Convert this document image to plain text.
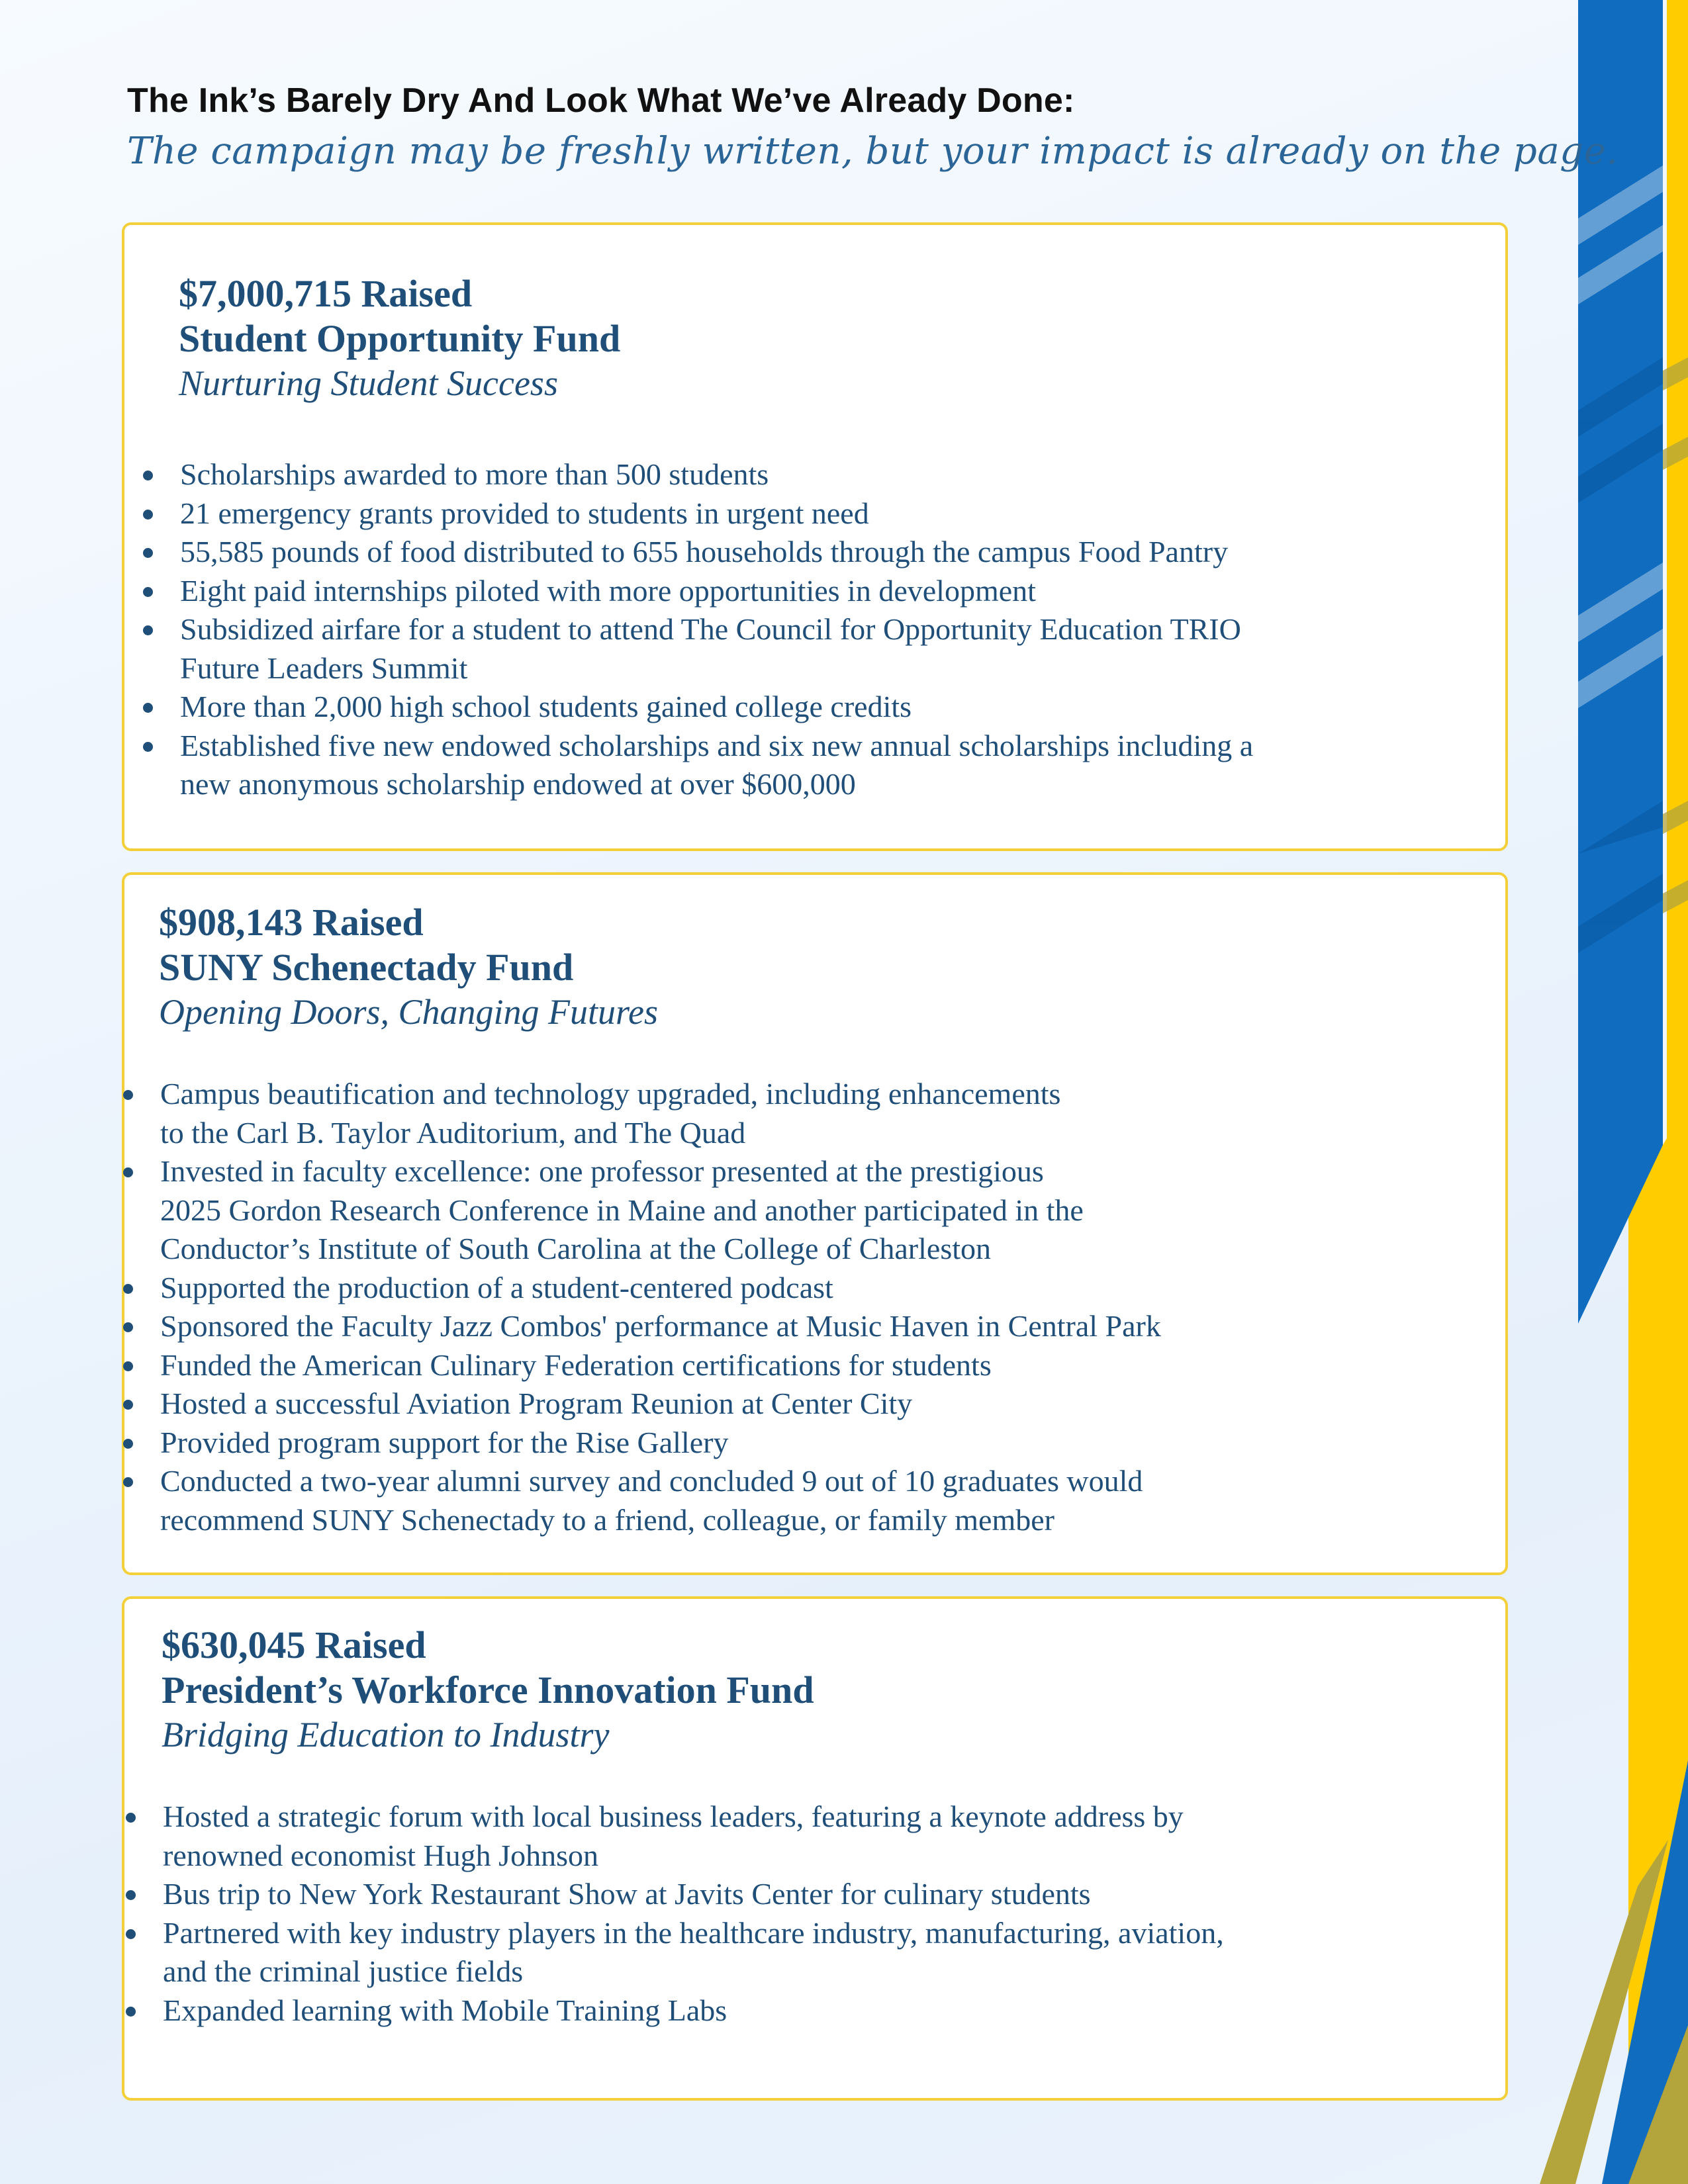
The Ink’s Barely Dry And Look What We’ve Already Done:
The campaign may be freshly written, but your impact is already on the page.
$7,000,715 Raised
Student Opportunity Fund
Nurturing Student Success
Scholarships awarded to more than 500 students
21 emergency grants provided to students in urgent need
55,585 pounds of food distributed to 655 households through the campus Food Pantry
Eight paid internships piloted with more opportunities in development
Subsidized airfare for a student to attend The Council for Opportunity Education TRIO
Future Leaders Summit
More than 2,000 high school students gained college credits
Established five new endowed scholarships and six new annual scholarships including a
new anonymous scholarship endowed at over $600,000
$908,143 Raised
SUNY Schenectady Fund
Opening Doors, Changing Futures
Campus beautification and technology upgraded, including enhancements
to the Carl B. Taylor Auditorium, and The Quad
Invested in faculty excellence: one professor presented at the prestigious
2025 Gordon Research Conference in Maine and another participated in the
Conductor’s Institute of South Carolina at the College of Charleston
Supported the production of a student-centered podcast
Sponsored the Faculty Jazz Combos' performance at Music Haven in Central Park
Funded the American Culinary Federation certifications for students
Hosted a successful Aviation Program Reunion at Center City
Provided program support for the Rise Gallery
Conducted a two-year alumni survey and concluded 9 out of 10 graduates would
recommend SUNY Schenectady to a friend, colleague, or family member
$630,045 Raised
President’s Workforce Innovation Fund
Bridging Education to Industry
Hosted a strategic forum with local business leaders, featuring a keynote address by
renowned economist Hugh Johnson
Bus trip to New York Restaurant Show at Javits Center for culinary students
Partnered with key industry players in the healthcare industry, manufacturing, aviation,
and the criminal justice fields
Expanded learning with Mobile Training Labs
